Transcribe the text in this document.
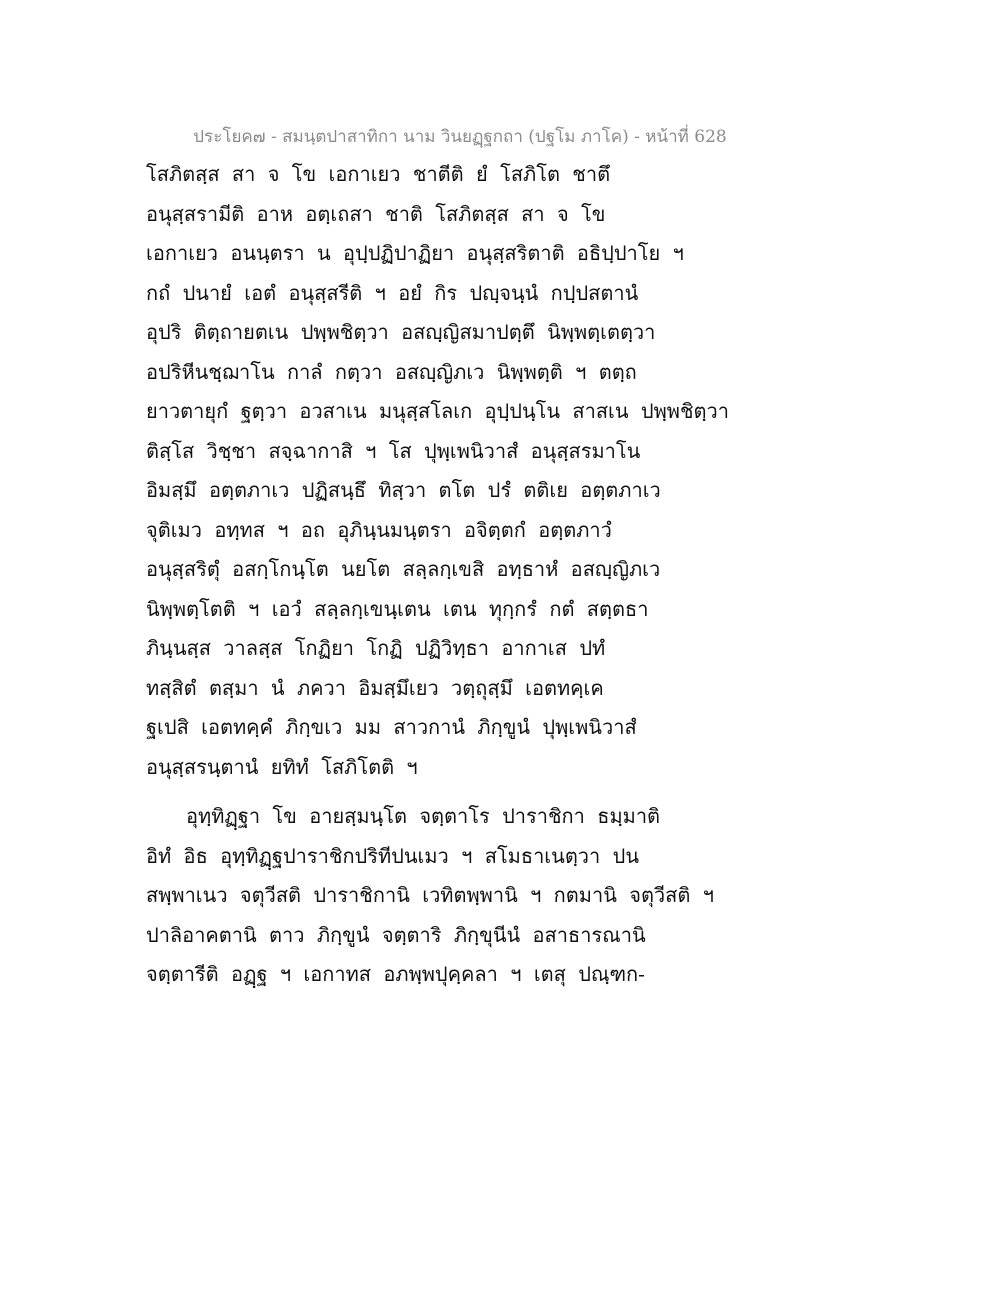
ประโยค๗ - สมนฺตปาสาทิกา นาม วินยฏฺฐกถา (ปฐโม ภาโค) - หน้าที่ 628
โสภิตสฺส สา จ โข เอกาเยว ชาตีติ ยํ โสภิโต ชาตึ
อนุสฺสรามีติ อาห อตฺเถสา ชาติ โสภิตสฺส สา จ โข
เอกาเยว อนนฺตรา น อุปฺปฏิปาฏิยา อนุสฺสริตาติ อธิปฺปาโย ฯ
กถํ ปนายํ เอตํ อนุสฺสรีติ ฯ อยํ กิร ปญฺจนฺนํ กปฺปสตานํ
อุปริ ติตฺถายตเน ปพฺพชิตฺวา อสญฺญิสมาปตฺตึ นิพฺพตฺเตตฺวา
อปริหีนชฺฌาโน กาลํ กตฺวา อสญฺญิภเว นิพฺพตฺติ ฯ ตตฺถ
ยาวตายุกํ ฐตฺวา อวสาเน มนุสฺสโลเก อุปฺปนฺโน สาสเน ปพฺพชิตฺวา
ติสฺโส วิชฺชา สจฺฉากาสิ ฯ โส ปุพฺเพนิวาสํ อนุสฺสรมาโน
อิมสฺมึ อตฺตภาเว ปฏิสนฺธึ ทิสฺวา ตโต ปรํ ตติเย อตฺตภาเว
จุติเมว อทฺทส ฯ อถ อุภินฺนมนฺตรา อจิตฺตกํ อตฺตภาวํ
อนุสฺสริตุํ อสกฺโกนฺโต นยโต สลฺลกฺเขสิ อทฺธาหํ อสญฺญิภเว
นิพฺพตฺโตติ ฯ เอวํ สลฺลกฺเขนฺเตน เตน ทุกฺกรํ กตํ สตฺตธา
ภินฺนสฺส วาลสฺส โกฏิยา โกฏิ ปฏิวิทฺธา อากาเส ปทํ
ทสฺสิตํ ตสฺมา นํ ภควา อิมสฺมึเยว วตฺถุสฺมึ เอตทคฺเค
ฐเปสิ เอตทคฺคํ ภิกฺขเว มม สาวกานํ ภิกฺขูนํ ปุพฺเพนิวาสํ
อนุสฺสรนฺตานํ ยทิทํ โสภิโตติ ฯ
อุทฺทิฏฺฐา โข อายสฺมนฺโต จตฺตาโร ปาราชิกา ธมฺมาติ
อิทํ อิธ อุทฺทิฏฺฐปาราชิกปริทีปนเมว ฯ สโมธาเนตฺวา ปน
สพฺพาเนว จตุวีสติ ปาราชิกานิ เวทิตพฺพานิ ฯ กตมานิ จตุวีสติ ฯ
ปาลิอาคตานิ ตาว ภิกฺขูนํ จตฺตาริ ภิกฺขุนีนํ อสาธารณานิ
จตฺตารีติ อฏฺฐ ฯ เอกาทส อภพฺพปุคฺคลา ฯ เตสุ ปณฺฑก-
